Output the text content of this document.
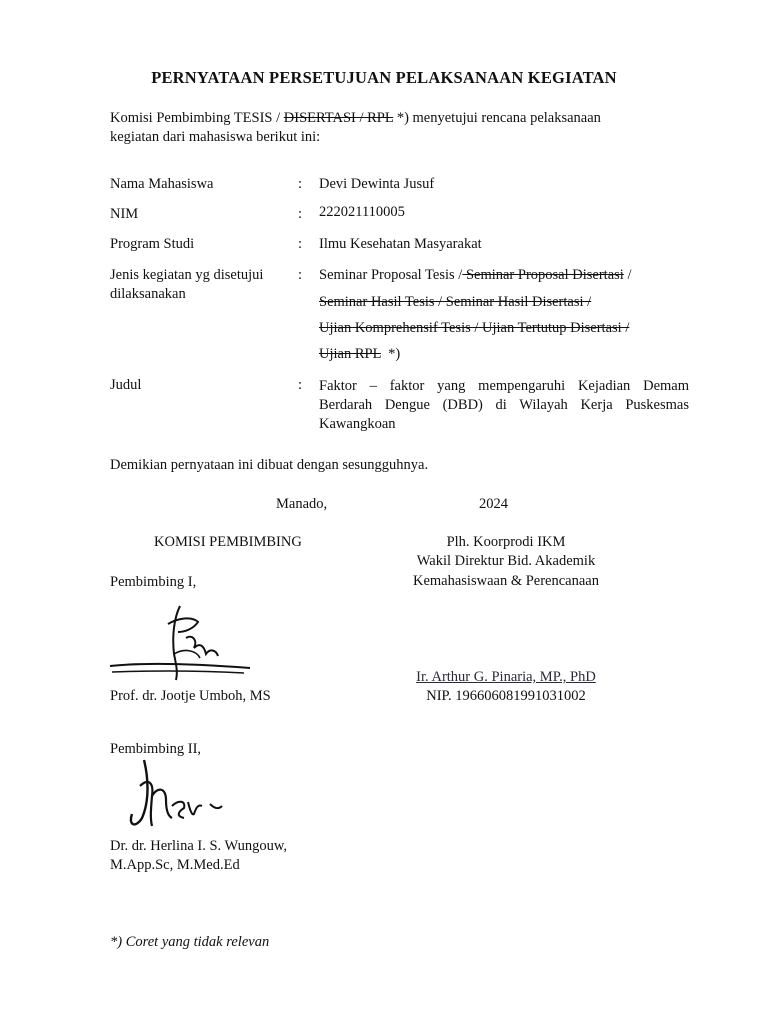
PERNYATAAN PERSETUJUAN PELAKSANAAN KEGIATAN
Komisi Pembimbing TESIS / DISERTASI / RPL *) menyetujui rencana pelaksanaan
kegiatan dari mahasiswa berikut ini:
Nama Mahasiswa	: Devi Dewinta Jusuf
NIM	: 222021110005
Program Studi	: Ilmu Kesehatan Masyarakat
Jenis kegiatan yg disetujui
dilaksanakan
: Seminar Proposal Tesis / Seminar Proposal Disertasi /
Seminar Hasil Tesis / Seminar Hasil Disertasi /
Ujian Komprehensif Tesis / Ujian Tertutup Disertasi /
Ujian RPL  *)
Judul	: Faktor – faktor yang mempengaruhi Kejadian Demam
Berdarah Dengue (DBD) di Wilayah Kerja Puskesmas
Kawangkoan
Demikian pernyataan ini dibuat dengan sesungguhnya.
Manado,	2024
KOMISI PEMBIMBING
Pembimbing I,
Prof. dr. Jootje Umboh, MS
Pembimbing II,
Dr. dr. Herlina I. S. Wungouw,
M.App.Sc, M.Med.Ed
Plh. Koorprodi IKM
Wakil Direktur Bid. Akademik
Kemahasiswaan & Perencanaan
Ir. Arthur G. Pinaria, MP., PhD
NIP. 196606081991031002
*) Coret yang tidak relevan
